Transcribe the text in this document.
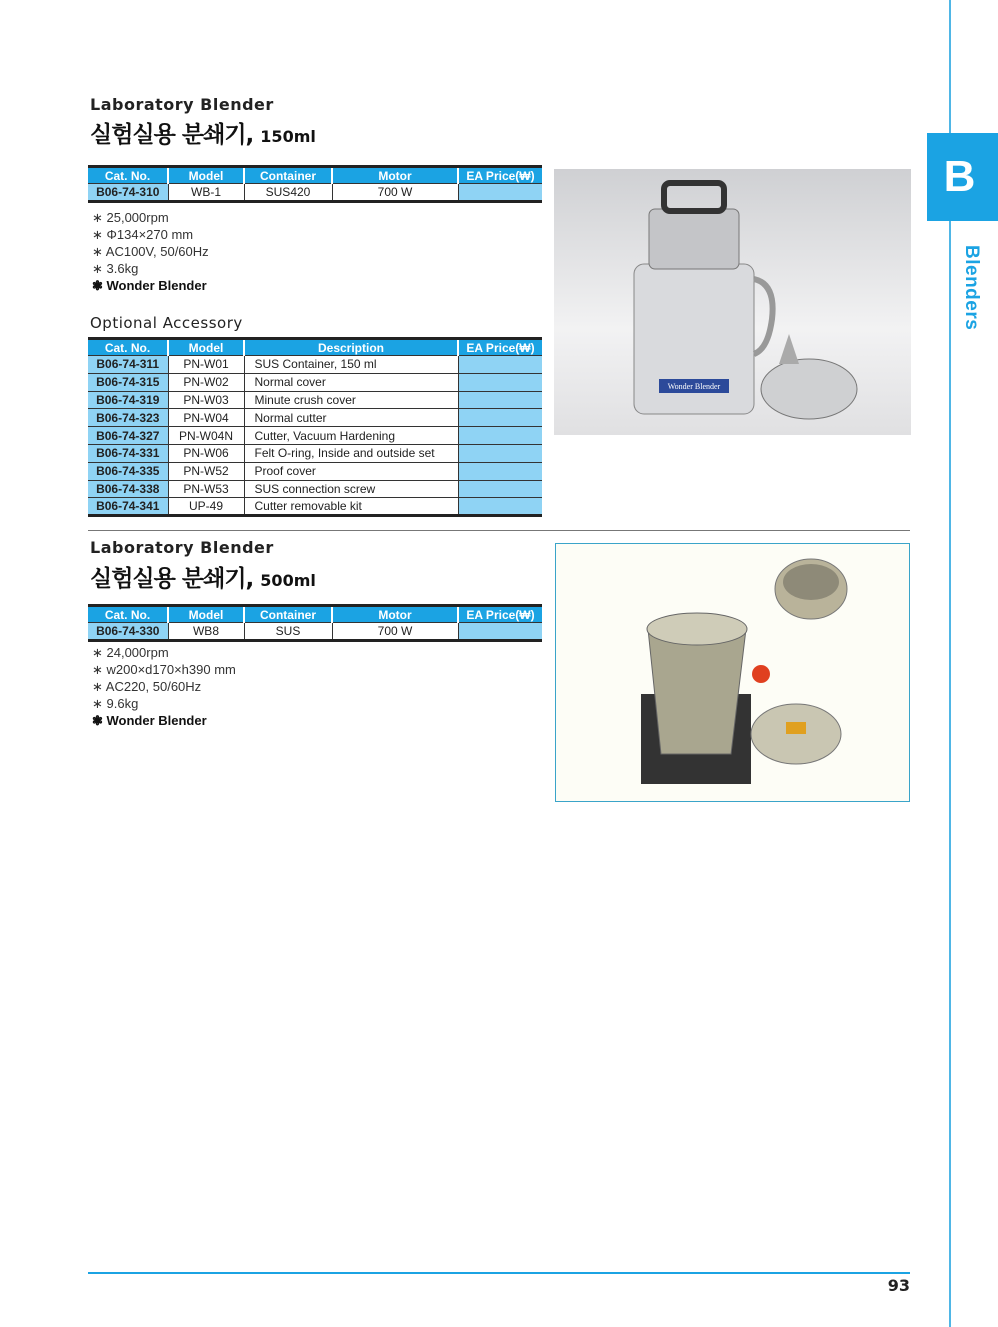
B
Blenders
Laboratory Blender
실험실용 분쇄기, 150ml
Cat. No.	Model	Container	Motor	EA Price(₩)
B06-74-310	WB-1	SUS420	700 W	
∗ 25,000rpm
∗ Φ134×270 mm
∗ AC100V, 50/60Hz
∗ 3.6kg
❃ Wonder Blender
Optional Accessory
Cat. No.	Model	Description	EA Price(₩)
B06-74-311	PN-W01	SUS Container, 150 ml	
B06-74-315	PN-W02	Normal cover	
B06-74-319	PN-W03	Minute crush cover	
B06-74-323	PN-W04	Normal cutter	
B06-74-327	PN-W04N	Cutter, Vacuum Hardening	
B06-74-331	PN-W06	Felt O-ring, Inside and outside set	
B06-74-335	PN-W52	Proof cover	
B06-74-338	PN-W53	SUS connection screw	
B06-74-341	UP-49	Cutter removable kit	
Wonder Blender
Laboratory Blender
실험실용 분쇄기, 500ml
Cat. No.	Model	Container	Motor	EA Price(₩)
B06-74-330	WB8	SUS	700 W	
∗ 24,000rpm
∗ w200×d170×h390 mm
∗ AC220, 50/60Hz
∗ 9.6kg
❃ Wonder Blender
93
